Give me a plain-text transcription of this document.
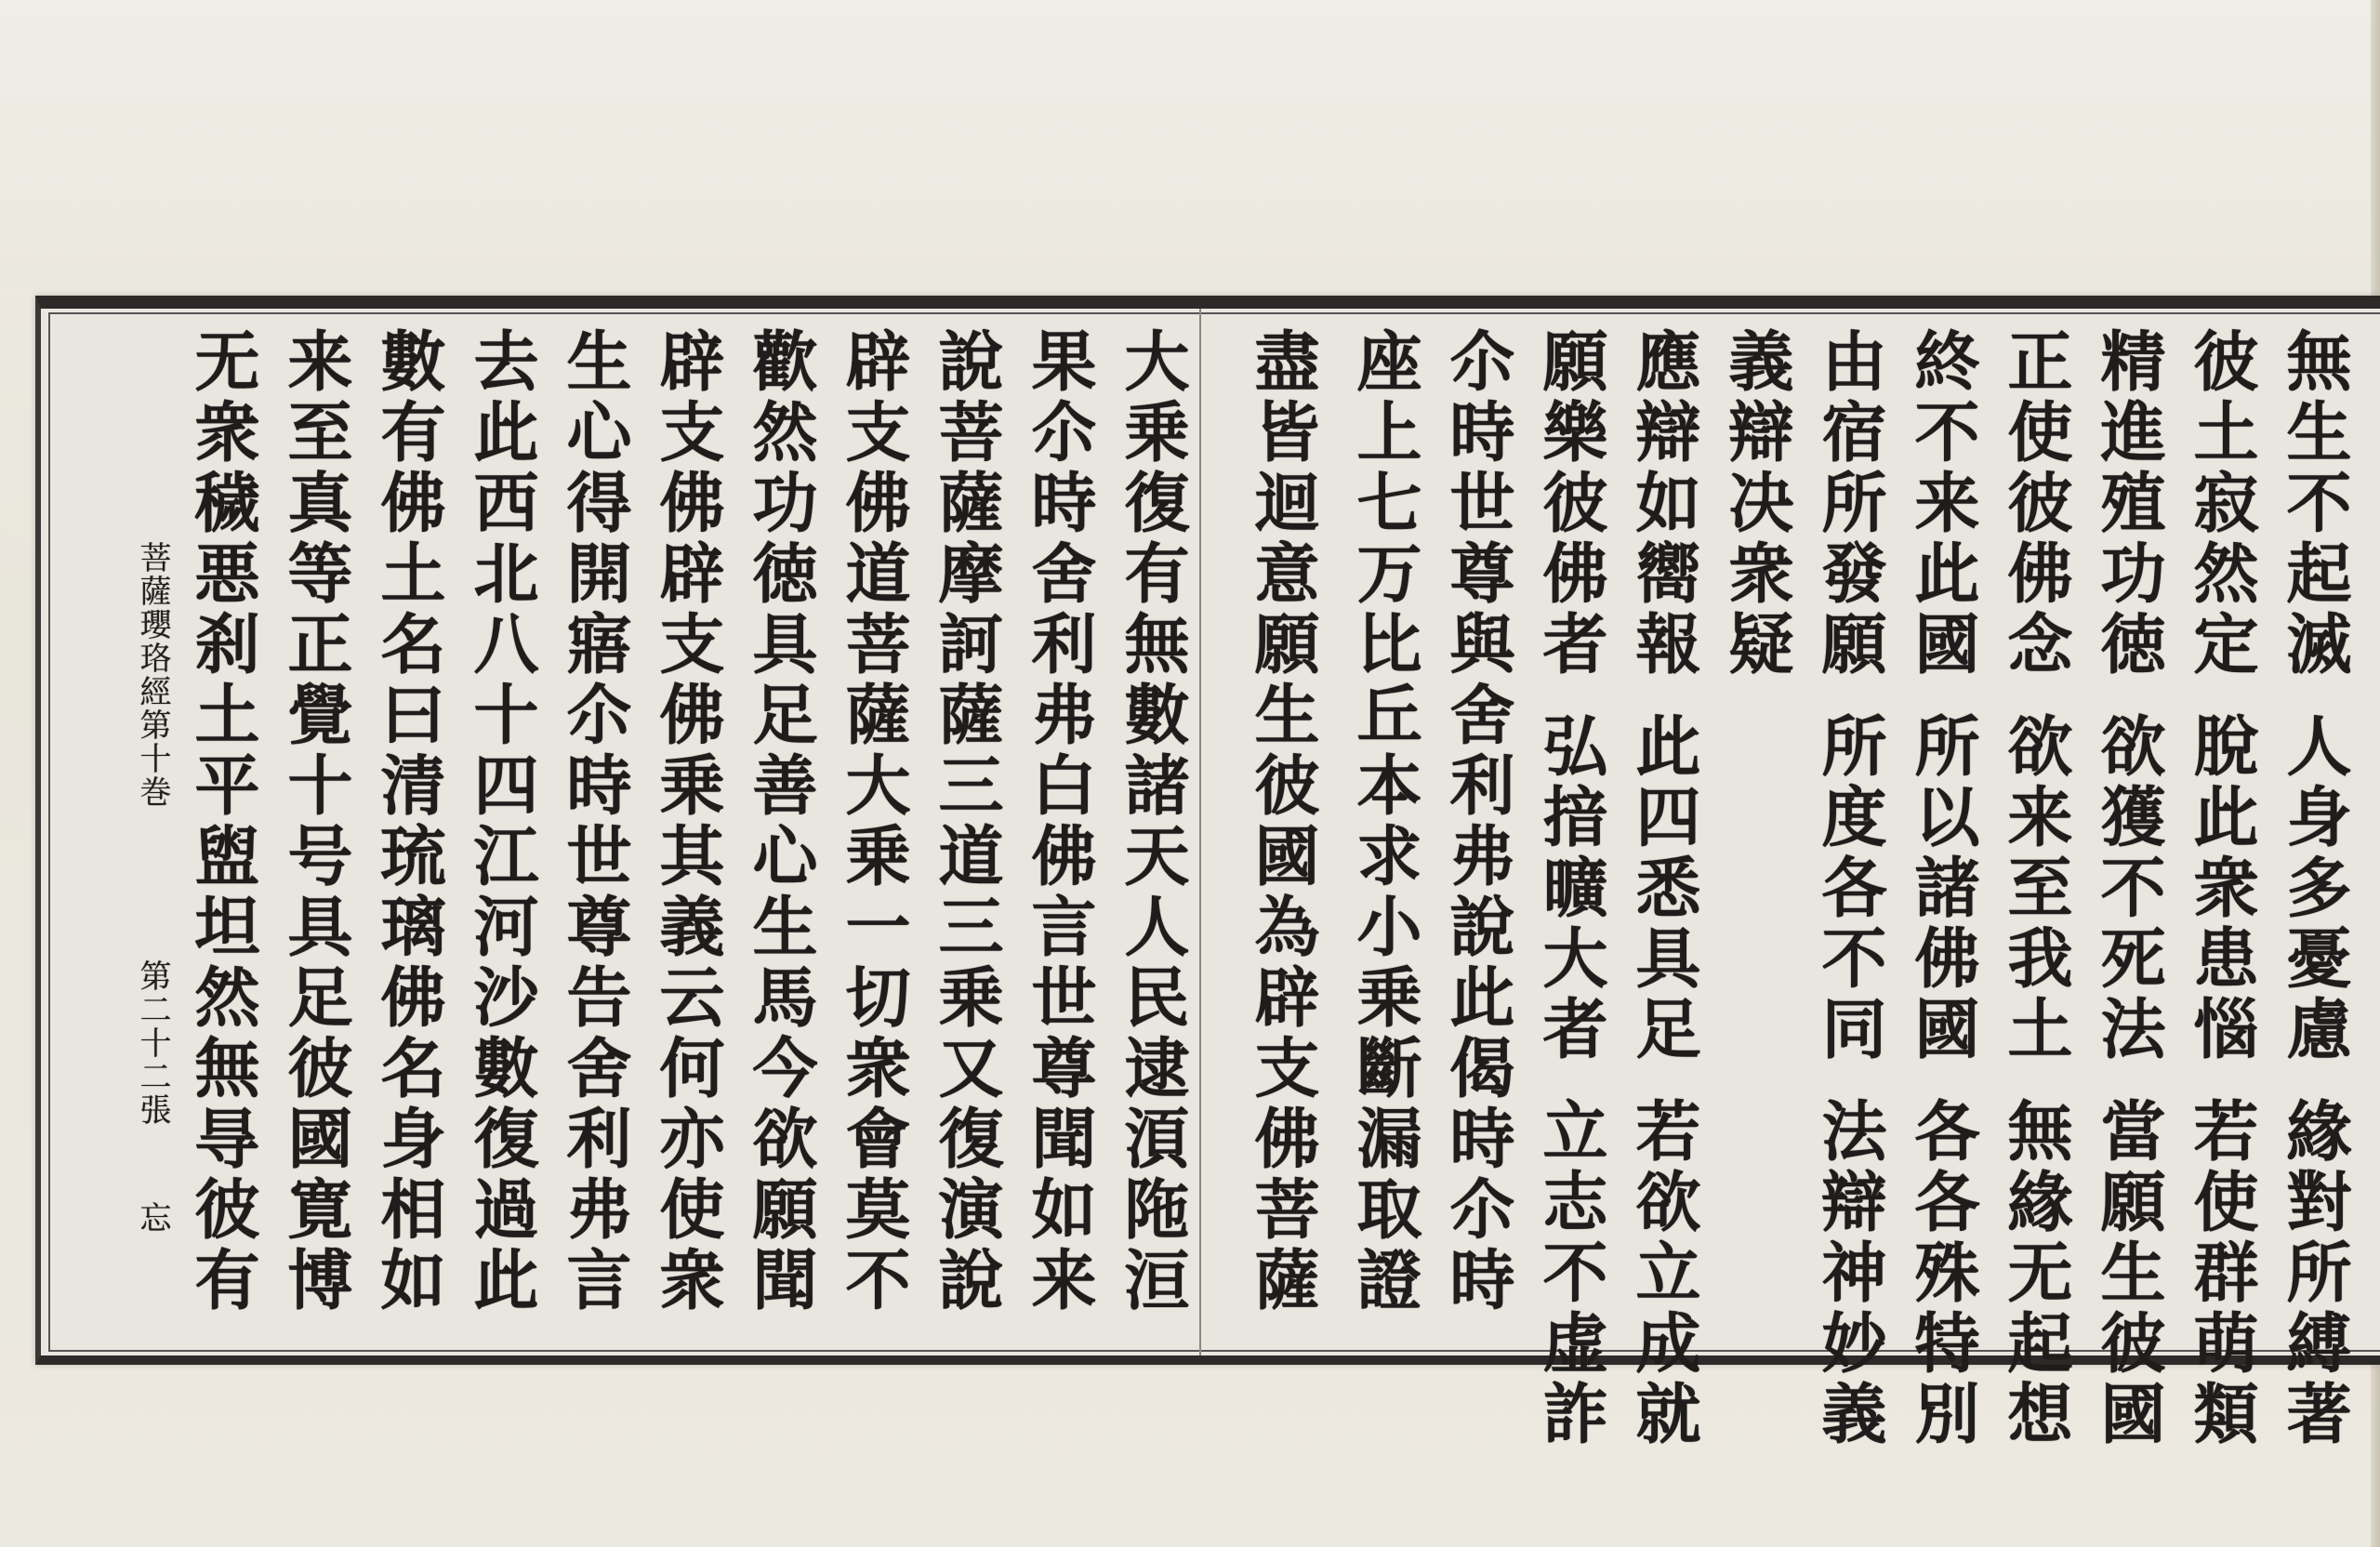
無生不起滅人身多憂慮緣對所縛著
彼土寂然定脫此衆患惱若使群萌類
精進殖功徳欲獲不死法當願生彼國
正使彼佛念欲来至我土無緣无起想
終不来此國所以諸佛國各各殊特別
由宿所發願所度各不同法辯神妙義
義辯决衆疑
應辯如嚮報此四悉具足若欲立成就
願樂彼佛者弘揞曠大者立志不虚詐
尒時世尊與舍利弗說此偈時尒時
座上七万比丘本求小乗斷漏取證
盡皆迴意願生彼國為辟支佛菩薩
大乗復有無數諸天人民逮湏陁洹
果尒時舍利弗白佛言世尊聞如来
說菩薩摩訶薩三道三乗又復演說
辟支佛道菩薩大乗一切衆會莫不
歡然功徳具足善心生馬今欲願聞
辟支佛辟支佛乗其義云何亦使衆
生心得開寤尒時世尊告舍利弗言
去此西北八十四江河沙數復過此
數有佛土名曰清琉璃佛名身相如
来至真等正覺十号具足彼國寛博
无衆穢悪刹土平盥坦然無㝵彼有
菩薩瓔珞經第十巻
第二十二張
忘
